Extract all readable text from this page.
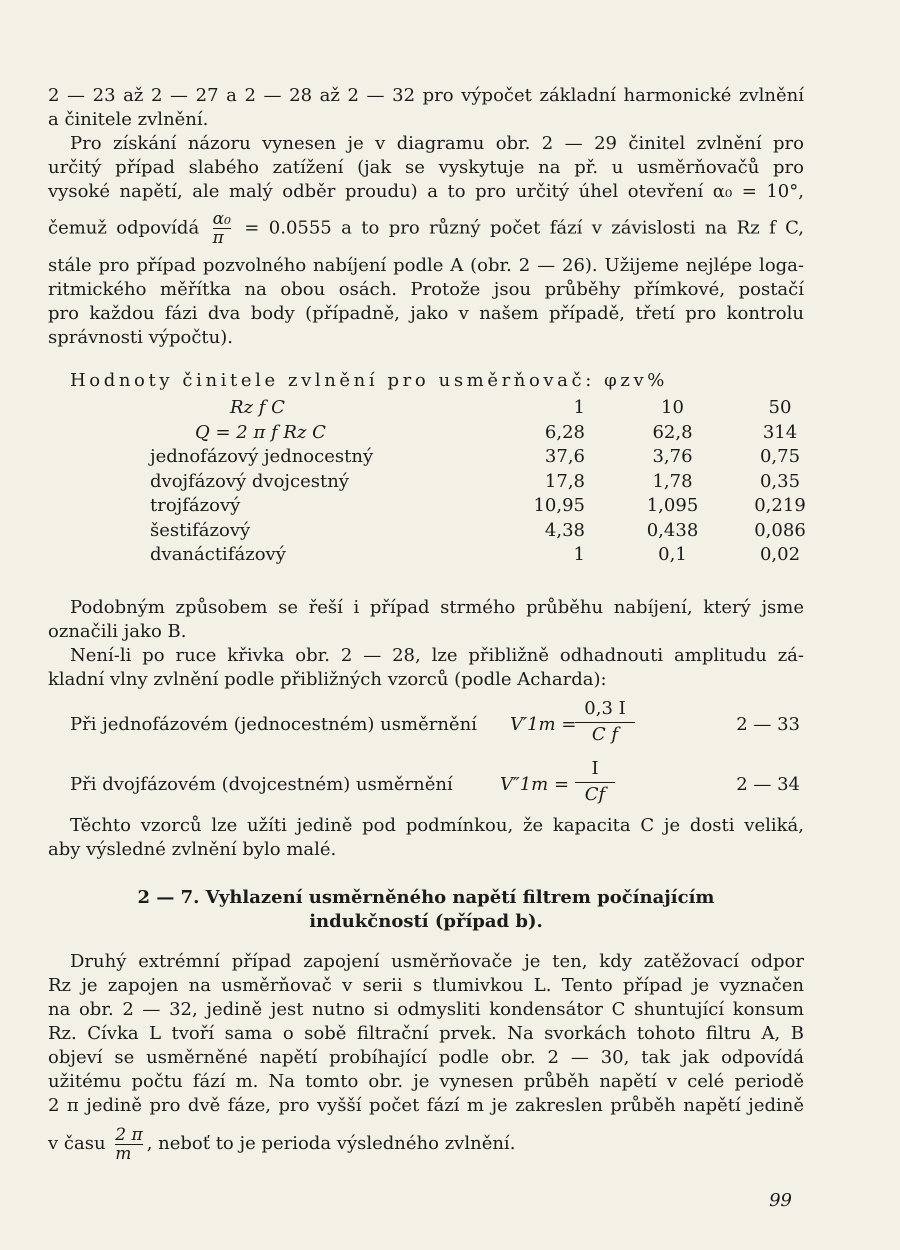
2 — 23 až 2 — 27 a 2 — 28 až 2 — 32 pro výpočet základní harmonické zvlnění
a činitele zvlnění.

Pro získání názoru vynesen je v diagramu obr. 2 — 29 činitel zvlnění pro
určitý případ slabého zatížení (jak se vyskytuje na př. u usměrňovačů pro
vysoké napětí, ale malý odběr proudu) a to pro určitý úhel otevření α₀ = 10°,
čemuž odpovídá $\frac{\text{α₀}}{\pi} = 0.0555$ a to pro různý počet fází v závislosti na Rz f C,
stále pro případ pozvolného nabíjení podle A (obr. 2 — 26). Užijeme nejlépe loga-
ritmického měřítka na obou osách. Protože jsou průběhy přímkové, postačí
pro každou fázi dva body (případně, jako v našem případě, třetí pro kontrolu
správnosti výpočtu).

Hodnoty činitele zvlnění pro usměrňovač: φzv%
Rz f C	1	10	50
Q = 2 π f Rz C	6,28	62,8	314
jednofázový jednocestný	37,6	3,76	0,75
dvojfázový dvojcestný	17,8	1,78	0,35
trojfázový	10,95	1,095	0,219
šestifázový	4,38	0,438	0,086
dvanáctifázový	1	0,1	0,02

Podobným způsobem se řeší i případ strmého průběhu nabíjení, který jsme
označili jako B.

Není-li po ruce křivka obr. 2 — 28, lze přibližně odhadnouti amplitudu zá-
kladní vlny zvlnění podle přibližných vzorců (podle Acharda):

Při jednofázovém (jednocestném) usměrnění V′1m =
0,3 I
C f	2 — 33
Při dvojfázovém (dvojcestném) usměrnění	V″1m =
I
Cf	2 — 34

Těchto vzorců lze užíti jedině pod podmínkou, že kapacita C je dosti veliká,
aby výsledné zvlnění bylo malé.

2 — 7. Vyhlazení usměrněného napětí filtrem počínajícím
indukčností (případ b).

Druhý extrémní případ zapojení usměrňovače je ten, kdy zatěžovací odpor
Rz je zapojen na usměrňovač v serii s tlumivkou L. Tento případ je vyznačen
na obr. 2 — 32, jedině jest nutno si odmysliti kondensátor C shuntující konsum
Rz. Cívka L tvoří sama o sobě filtrační prvek. Na svorkách tohoto filtru A, B
objeví se usměrněné napětí probíhající podle obr. 2 — 30, tak jak odpovídá
užitému počtu fází m. Na tomto obr. je vynesen průběh napětí v celé periodě
2 π jedině pro dvě fáze, pro vyšší počet fází m je zakreslen průběh napětí jedině
v času $\frac{2 \pi}{m}$ , neboť to je perioda výsledného zvlnění.

99
